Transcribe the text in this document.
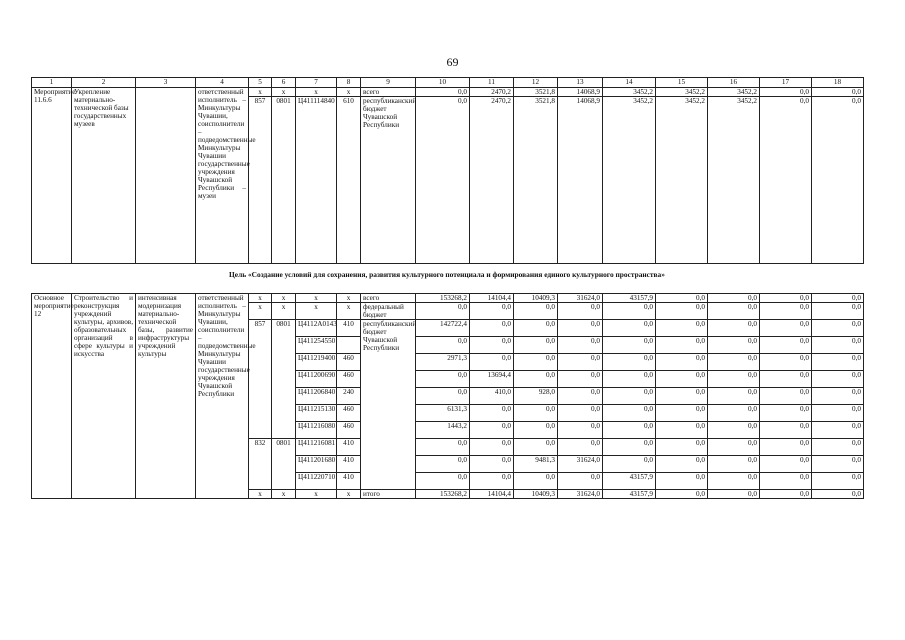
69
1	2	3	4	5	6	7	8	9	10	11	12	13	14	15	16	17	18
Мероприятие 11.6.6	Укрепление материально-технической базы государственных музеев		ответственный исполнитель – Минкультуры Чувашии, соисполнители – подведомственные Минкультуры Чувашии государственные учреждения Чувашской Республики – музеи	x	x	x	x	всего	0,0	2470,2	3521,8	14068,9	3452,2	3452,2	3452,2	0,0	0,0
				857	0801	Ц411114840	610	республиканский бюджет Чувашской Республики	0,0	2470,2	3521,8	14068,9	3452,2	3452,2	3452,2	0,0	0,0
Цель «Создание условий для сохранения, развития культурного потенциала и формирования единого культурного пространства»
Основное мероприятие 12	Строительство и реконструкция учреждений культуры, архивов, образовательных организаций в сфере культуры и искусства	интенсивная модернизация материально-технической базы, развитие инфраструктуры учреждений культуры	ответственный исполнитель – Минкультуры Чувашии, соисполнители – подведомственные Минкультуры Чувашии государственные учреждения Чувашской Республики	x	x	x	x	всего	153268,2	14104,4	10409,3	31624,0	43157,9	0,0	0,0	0,0	0,0
				x	x	x	x	федеральный бюджет	0,0	0,0	0,0	0,0	0,0	0,0	0,0	0,0	0,0
				857	0801	Ц4112А0143	410	республиканский бюджет Чувашской Республики	142722,4	0,0	0,0	0,0	0,0	0,0	0,0	0,0	0,0
						Ц411254550			0,0	0,0	0,0	0,0	0,0	0,0	0,0	0,0	0,0
						Ц411219400	460		2971,3	0,0	0,0	0,0	0,0	0,0	0,0	0,0	0,0
						Ц411200690	460		0,0	13694,4	0,0	0,0	0,0	0,0	0,0	0,0	0,0
						Ц411206840	240		0,0	410,0	928,0	0,0	0,0	0,0	0,0	0,0	0,0
						Ц411215130	460		6131,3	0,0	0,0	0,0	0,0	0,0	0,0	0,0	0,0
						Ц411216080	460		1443,2	0,0	0,0	0,0	0,0	0,0	0,0	0,0	0,0
				832	0801	Ц411216081	410		0,0	0,0	0,0	0,0	0,0	0,0	0,0	0,0	0,0
						Ц411201680	410		0,0	0,0	9481,3	31624,0	0,0	0,0	0,0	0,0	0,0
						Ц411220710	410		0,0	0,0	0,0	0,0	43157,9	0,0	0,0	0,0	0,0
				x	x	x	x	итого	153268,2	14104,4	10409,3	31624,0	43157,9	0,0	0,0	0,0	0,0
